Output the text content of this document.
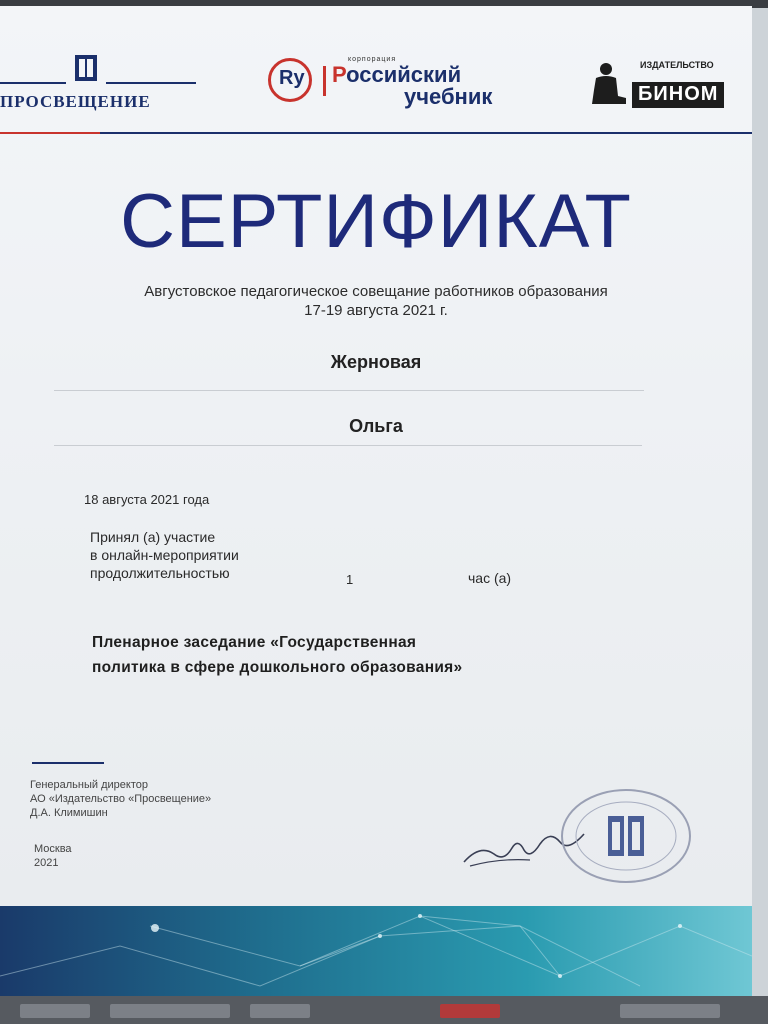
ПРОСВЕЩЕНИЕ
Ry
корпорация
Российский
учебник
ИЗДАТЕЛЬСТВО
БИНОМ
СЕРТИФИКАТ
Августовское педагогическое совещание работников образования
17-19 августа 2021 г.
Жерновая
Ольга
18 августа 2021 года
Принял (а) участие
в онлайн-мероприятии
продолжительностью	1	час (а)
Пленарное заседание «Государственная
политика в сфере дошкольного образования»
Генеральный директор
АО «Издательство «Просвещение»
Д.А. Климишин
Москва
2021
